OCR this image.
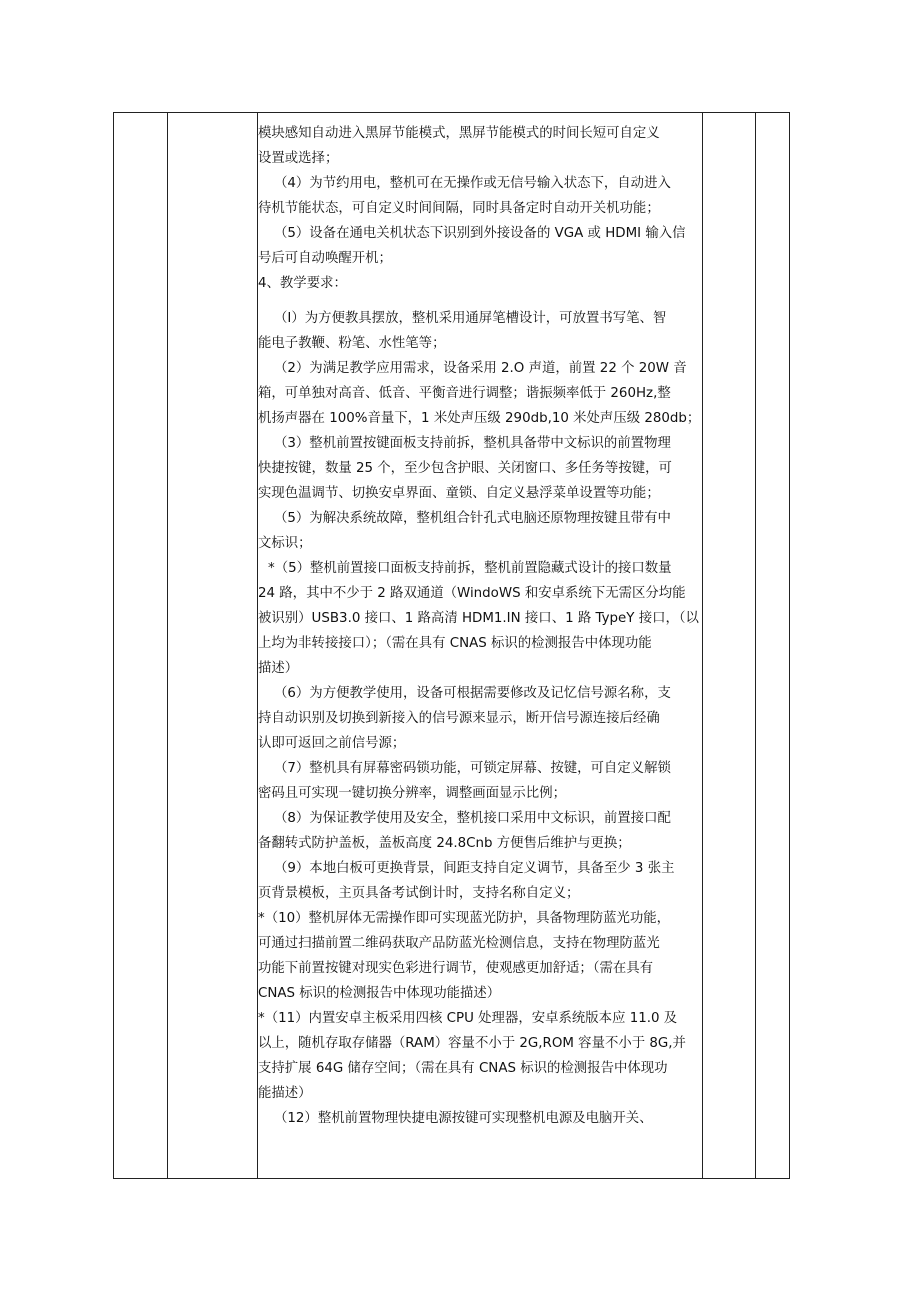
模块感知自动进入黑屏节能模式，黑屏节能模式的时间长短可自定义
设置或选择；
（4）为节约用电，整机可在无操作或无信号输入状态下，自动进入
待机节能状态，可自定义时间间隔，同时具备定时自动开关机功能；
（5）设备在通电关机状态下识别到外接设备的 VGA 或 HDMI 输入信
号后可自动唤醒开机；
4、教学要求：
（I）为方便教具摆放，整机采用通屏笔槽设计，可放置书写笔、智
能电子教鞭、粉笔、水性笔等；
（2）为满足教学应用需求，设备采用 2.O 声道，前置 22 个 20W 音
箱，可单独对高音、低音、平衡音进行调整；谐振频率低于 260Hz,整
机扬声器在 100%音量下，1 米处声压级 290db,10 米处声压级 280db；
（3）整机前置按键面板支持前拆，整机具备带中文标识的前置物理
快捷按键，数量 25 个，至少包含护眼、关闭窗口、多任务等按键，可
实现色温调节、切换安卓界面、童锁、自定义悬浮菜单设置等功能；
（5）为解决系统故障，整机组合针孔式电脑还原物理按键且带有中
文标识；
*（5）整机前置接口面板支持前拆，整机前置隐藏式设计的接口数量
24 路，其中不少于 2 路双通道（WindoWS 和安卓系统下无需区分均能
被识别）USB3.0 接口、1 路高清 HDM1.IN 接口、1 路 TypeY 接口，（以
上均为非转接接口）；（需在具有 CNAS 标识的检测报告中体现功能
描述）
（6）为方便教学使用，设备可根据需要修改及记忆信号源名称，支
持自动识别及切换到新接入的信号源来显示，断开信号源连接后经确
认即可返回之前信号源；
（7）整机具有屏幕密码锁功能，可锁定屏幕、按键，可自定义解锁
密码且可实现一键切换分辨率，调整画面显示比例；
（8）为保证教学使用及安全，整机接口采用中文标识，前置接口配
备翻转式防护盖板，盖板高度 24.8Cnb 方便售后维护与更换；
（9）本地白板可更换背景，间距支持自定义调节，具备至少 3 张主
页背景模板，主页具备考试倒计时，支持名称自定义；
*（10）整机屏体无需操作即可实现蓝光防护，具备物理防蓝光功能，
可通过扫描前置二维码获取产品防蓝光检测信息，支持在物理防蓝光
功能下前置按键对现实色彩进行调节，使观感更加舒适；（需在具有
CNAS 标识的检测报告中体现功能描述）
*（11）内置安卓主板采用四核 CPU 处理器，安卓系统版本应 11.0 及
以上，随机存取存储器（RAM）容量不小于 2G,ROM 容量不小于 8G,并
支持扩展 64G 储存空间；（需在具有 CNAS 标识的检测报告中体现功
能描述）
（12）整机前置物理快捷电源按键可实现整机电源及电脑开关、
